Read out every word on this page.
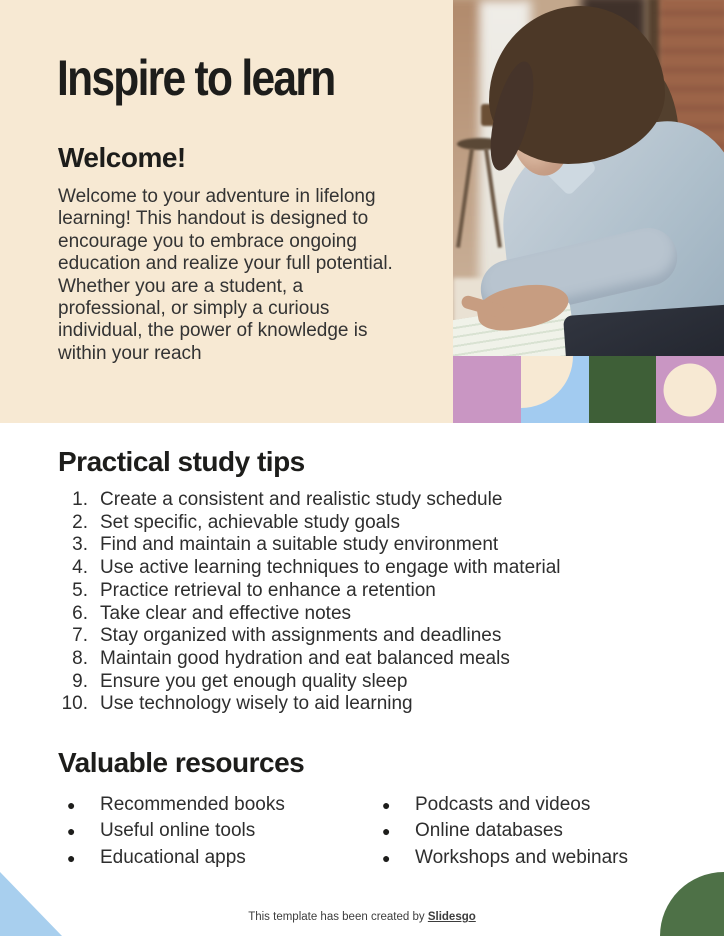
Inspire to learn
Welcome!

Welcome to your adventure in lifelong learning! This handout is designed to encourage you to embrace ongoing education and realize your full potential. Whether you are a student, a professional, or simply a curious individual, the power of knowledge is within your reach

Practical study tips
1. Create a consistent and realistic study schedule
2. Set specific, achievable study goals
3. Find and maintain a suitable study environment
4. Use active learning techniques to engage with material
5. Practice retrieval to enhance a retention
6. Take clear and effective notes
7. Stay organized with assignments and deadlines
8. Maintain good hydration and eat balanced meals
9. Ensure you get enough quality sleep
10. Use technology wisely to aid learning
Valuable resources
●	Recommended books
●	Useful online tools
●	Educational apps
●	Podcasts and videos
●	Online databases
●	Workshops and webinars
This template has been created by Slidesgo
